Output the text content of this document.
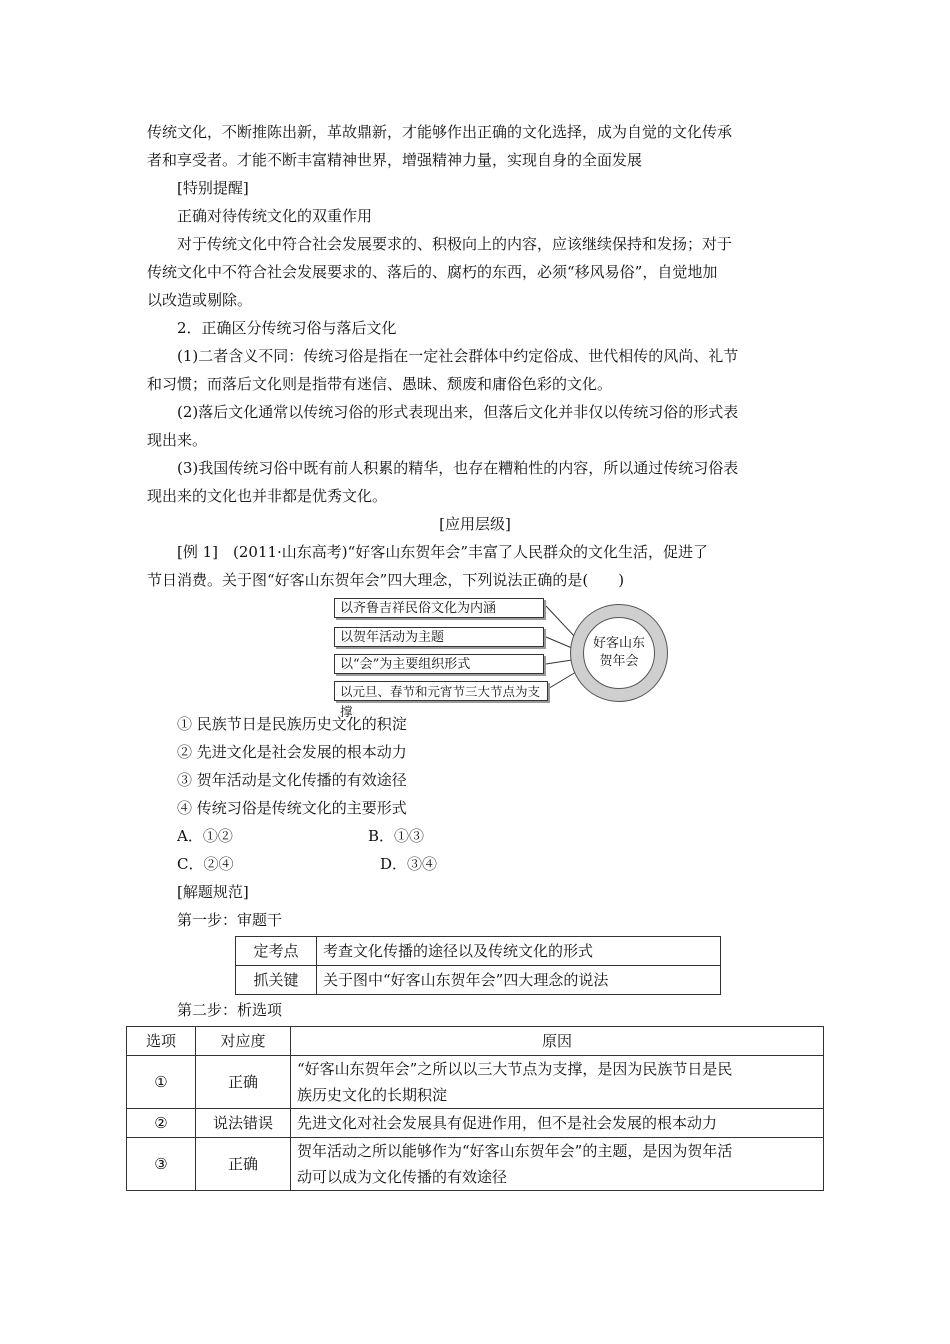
传统文化，不断推陈出新，革故鼎新，才能够作出正确的文化选择，成为自觉的文化传承
者和享受者。才能不断丰富精神世界，增强精神力量，实现自身的全面发展
[特别提醒]
正确对待传统文化的双重作用
对于传统文化中符合社会发展要求的、积极向上的内容，应该继续保持和发扬；对于
传统文化中不符合社会发展要求的、落后的、腐朽的东西，必须“移风易俗”，自觉地加
以改造或剔除。
2．正确区分传统习俗与落后文化
(1)二者含义不同：传统习俗是指在一定社会群体中约定俗成、世代相传的风尚、礼节
和习惯；而落后文化则是指带有迷信、愚昧、颓废和庸俗色彩的文化。
(2)落后文化通常以传统习俗的形式表现出来，但落后文化并非仅以传统习俗的形式表
现出来。
(3)我国传统习俗中既有前人积累的精华，也存在糟粕性的内容，所以通过传统习俗表
现出来的文化也并非都是优秀文化。
[应用层级]
[例 1]　(2011·山东高考)“好客山东贺年会”丰富了人民群众的文化生活，促进了
节日消费。关于图“好客山东贺年会”四大理念，下列说法正确的是(　　)
以齐鲁吉祥民俗文化为内涵
以贺年活动为主题
以“会”为主要组织形式
以元旦、春节和元宵节三大节点为支撑
好客山东
贺年会
① 民族节日是民族历史文化的积淀
② 先进文化是社会发展的根本动力
③ 贺年活动是文化传播的有效途径
④ 传统习俗是传统文化的主要形式
A．①②	B．①③
C．②④	D．③④
[解题规范]
第一步：审题干
定考点	考查文化传播的途径以及传统文化的形式
抓关键	关于图中“好客山东贺年会”四大理念的说法
第二步：析选项
选项	对应度	原因
①	正确	“好客山东贺年会”之所以以三大节点为支撑，是因为民族节日是民
族历史文化的长期积淀

②	说法错误	先进文化对社会发展具有促进作用，但不是社会发展的根本动力
③	正确	贺年活动之所以能够作为“好客山东贺年会”的主题，是因为贺年活
动可以成为文化传播的有效途径
